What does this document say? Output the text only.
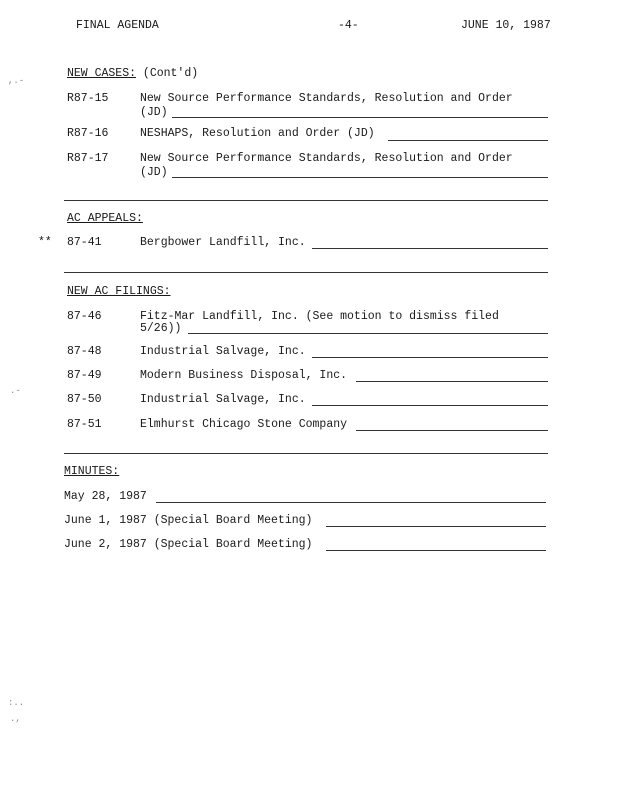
FINAL AGENDA	-4-	JUNE 10, 1987
NEW CASES: (Cont'd)
R87-15	New Source Performance Standards, Resolution and Order
(JD)
R87-16	NESHAPS, Resolution and Order (JD)
R87-17	New Source Performance Standards, Resolution and Order
(JD)
AC APPEALS:
** 87-41	Bergbower Landfill, Inc.
NEW AC FILINGS:
87-46	Fitz-Mar Landfill, Inc. (See motion to dismiss filed
5/26))
87-48	Industrial Salvage, Inc.
87-49	Modern Business Disposal, Inc.
87-50	Industrial Salvage, Inc.
87-51	Elmhurst Chicago Stone Company
MINUTES:
May 28, 1987
June 1, 1987 (Special Board Meeting)
June 2, 1987 (Special Board Meeting)
,.-
.-
:..
.,
